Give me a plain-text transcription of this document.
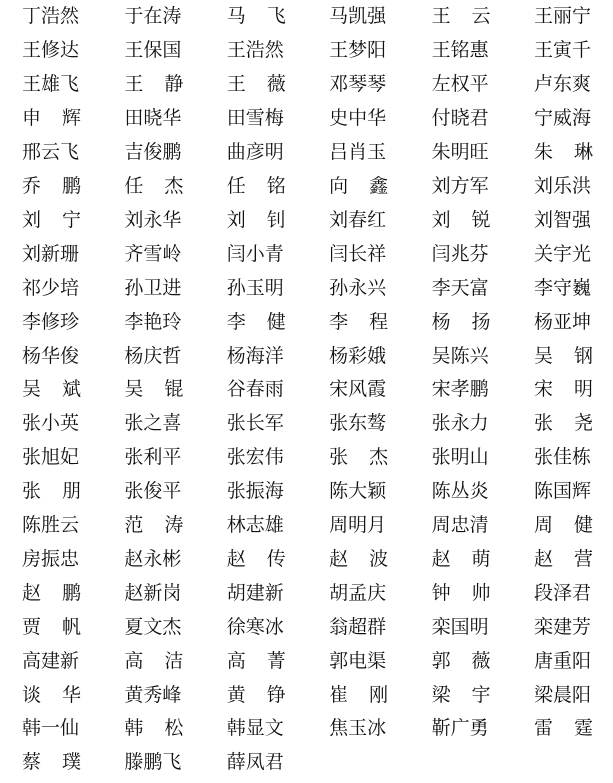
丁浩然 于在涛 马 飞 马凯强 王 云 王丽宁
王修达 王保国 王浩然 王梦阳 王铭惠 王寅千
王雄飞 王 静 王 薇 邓琴琴 左权平 卢东爽
申 辉 田晓华 田雪梅 史中华 付晓君 宁威海
邢云飞 吉俊鹏 曲彦明 吕肖玉 朱明旺 朱 琳
乔 鹏 任 杰 任 铭 向 鑫 刘方军 刘乐洪
刘 宁 刘永华 刘 钊 刘春红 刘 锐 刘智强
刘新珊 齐雪岭 闫小青 闫长祥 闫兆芬 关宇光
祁少培 孙卫进 孙玉明 孙永兴 李天富 李守巍
李修珍 李艳玲 李 健 李 程 杨 扬 杨亚坤
杨华俊 杨庆哲 杨海洋 杨彩娥 吴陈兴 吴 钢
吴 斌 吴 锟 谷春雨 宋风霞 宋孝鹏 宋 明
张小英 张之喜 张长军 张东骜 张永力 张 尧
张旭妃 张利平 张宏伟 张 杰 张明山 张佳栋
张 朋 张俊平 张振海 陈大颖 陈丛炎 陈国辉
陈胜云 范 涛 林志雄 周明月 周忠清 周 健
房振忠 赵永彬 赵 传 赵 波 赵 萌 赵 营
赵 鹏 赵新岗 胡建新 胡孟庆 钟 帅 段泽君
贾 帆 夏文杰 徐寒冰 翁超群 栾国明 栾建芳
高建新 高 洁 高 菁 郭电渠 郭 薇 唐重阳
谈 华 黄秀峰 黄 铮 崔 刚 梁 宇 梁晨阳
韩一仙 韩 松 韩显文 焦玉冰 靳广勇 雷 霆
蔡 璞 滕鹏飞 薛凤君
